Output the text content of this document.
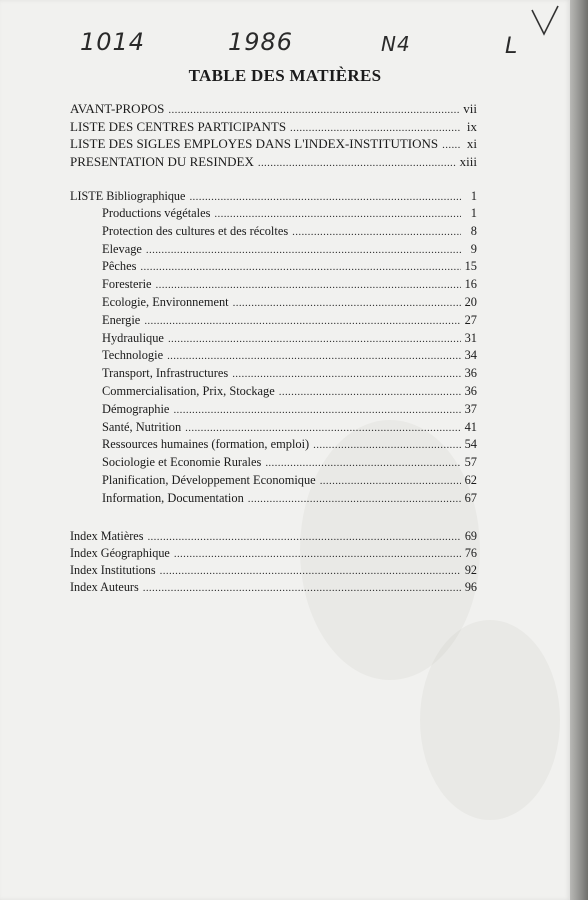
1014	1986	N4	L
TABLE DES MATIÈRES
AVANT-PROPOS . . .	vii
LISTE DES CENTRES PARTICIPANTS . . .	ix
LISTE DES SIGLES EMPLOYES DANS L'INDEX-INSTITUTIONS . . . xi
PRESENTATION DU RESINDEX . . .	xiii
LISTE Bibliographique . . .	1
Productions végétales . . .	1
Protection des cultures et des récoltes . . .	8
Elevage . . .	9
Pêches . . .	15
Foresterie . . .	16
Ecologie, Environnement . . .	20
Energie . . .	27
Hydraulique . . .	31
Technologie . . .	34
Transport, Infrastructures . . .	36
Commercialisation, Prix, Stockage . . .	36
Démographie . . .	37
Santé, Nutrition . . .	41
Ressources humaines (formation, emploi) . . .	54
Sociologie et Economie Rurales . . .	57
Planification, Développement Economique . . .	62
Information, Documentation . . .	67
Index Matières . . .	69
Index Géographique . . .	76
Index Institutions . . .	92
Index Auteurs . . .	96
